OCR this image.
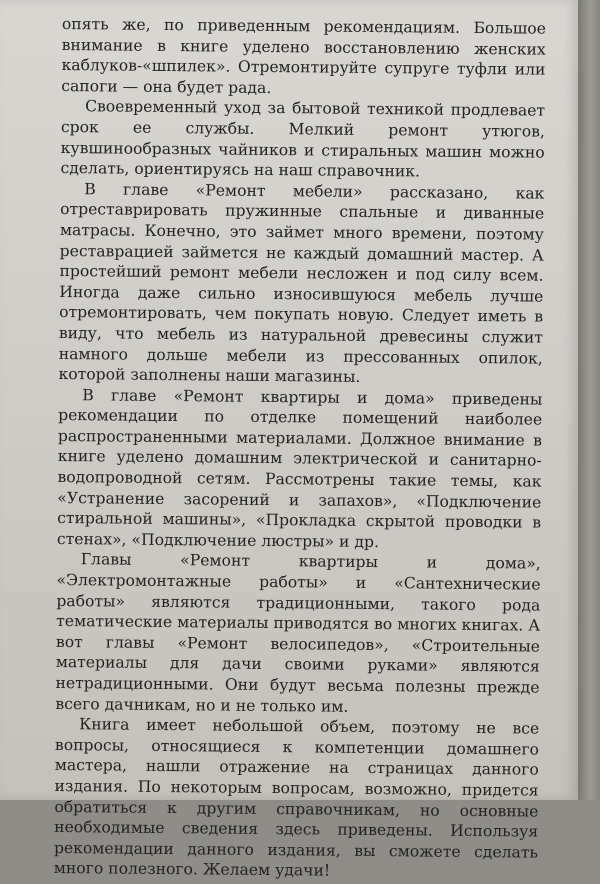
опять же, по приведенным рекомендациям. Большое внимание в книге уделено восстановлению женских каблуков-«шпилек». Отремонтируйте супруге туфли или сапоги — она будет рада.

Своевременный уход за бытовой техникой продлевает срок ее службы. Мелкий ремонт утюгов, кувшинообразных чайников и стиральных машин можно сделать, ориентируясь на наш справочник.

В главе «Ремонт мебели» рассказано, как отреставрировать пружинные спальные и диванные матрасы. Конечно, это займет много времени, поэтому реставрацией займется не каждый домашний мастер. А простейший ремонт мебели несложен и под силу всем. Иногда даже сильно износившуюся мебель лучше отремонтировать, чем покупать новую. Следует иметь в виду, что мебель из натуральной древесины служит намного дольше мебели из прессованных опилок, которой заполнены наши магазины.

В главе «Ремонт квартиры и дома» приведены рекомендации по отделке помещений наиболее распространенными материалами. Должное внимание в книге уделено домашним электрической и санитарно-водопроводной сетям. Рассмотрены такие темы, как «Устранение засорений и запахов», «Подключение стиральной машины», «Прокладка скрытой проводки в стенах», «Подключение люстры» и др.

Главы «Ремонт квартиры и дома», «Электромонтажные работы» и «Сантехнические работы» являются традиционными, такого рода тематические материалы приводятся во многих книгах. А вот главы «Ремонт велосипедов», «Строительные материалы для дачи своими руками» являются нетрадиционными. Они будут весьма полезны прежде всего дачникам, но и не только им.

Книга имеет небольшой объем, поэтому не все вопросы, относящиеся к компетенции домашнего мастера, нашли отражение на страницах данного издания. По некоторым вопросам, возможно, придется обратиться к другим справочникам, но основные необходимые сведения здесь приведены. Используя рекомендации данного издания, вы сможете сделать много полезного. Желаем удачи!
